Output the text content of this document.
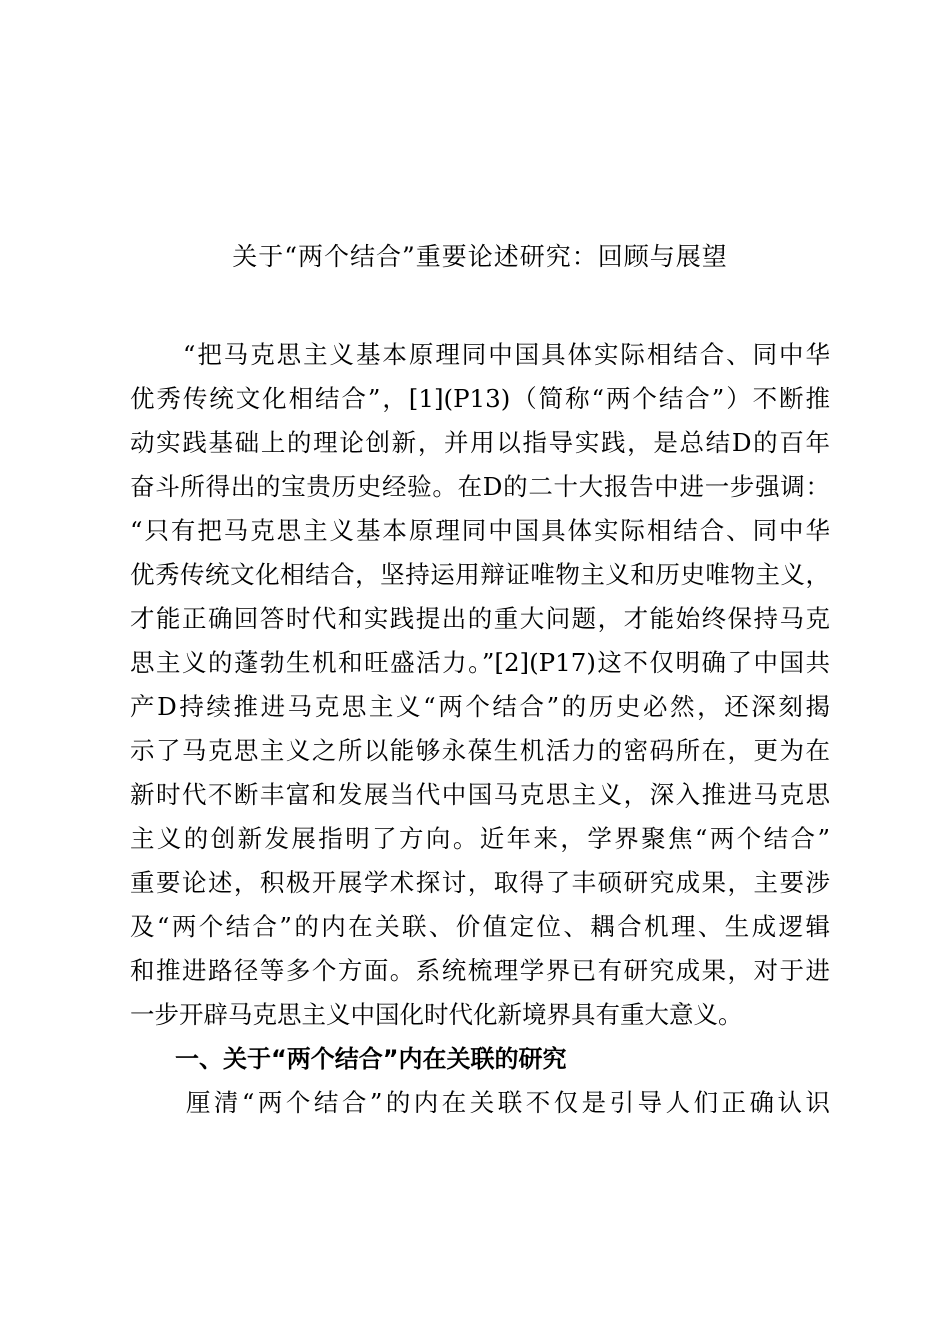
关于“两个结合”重要论述研究：回顾与展望
　　“把马克思主义基本原理同中国具体实际相结合、同中华
优秀传统文化相结合”，[1](P13)（简称“两个结合”）不断推
动实践基础上的理论创新，并用以指导实践，是总结D的百年
奋斗所得出的宝贵历史经验。在D的二十大报告中进一步强调：
“只有把马克思主义基本原理同中国具体实际相结合、同中华
优秀传统文化相结合，坚持运用辩证唯物主义和历史唯物主义，
才能正确回答时代和实践提出的重大问题，才能始终保持马克
思主义的蓬勃生机和旺盛活力。”[2](P17)这不仅明确了中国共
产D持续推进马克思主义“两个结合”的历史必然，还深刻揭
示了马克思主义之所以能够永葆生机活力的密码所在，更为在
新时代不断丰富和发展当代中国马克思主义，深入推进马克思
主义的创新发展指明了方向。近年来，学界聚焦“两个结合”
重要论述，积极开展学术探讨，取得了丰硕研究成果，主要涉
及“两个结合”的内在关联、价值定位、耦合机理、生成逻辑
和推进路径等多个方面。系统梳理学界已有研究成果，对于进
一步开辟马克思主义中国化时代化新境界具有重大意义。
一、关于“两个结合”内在关联的研究
　　厘清“两个结合”的内在关联不仅是引导人们正确认识
